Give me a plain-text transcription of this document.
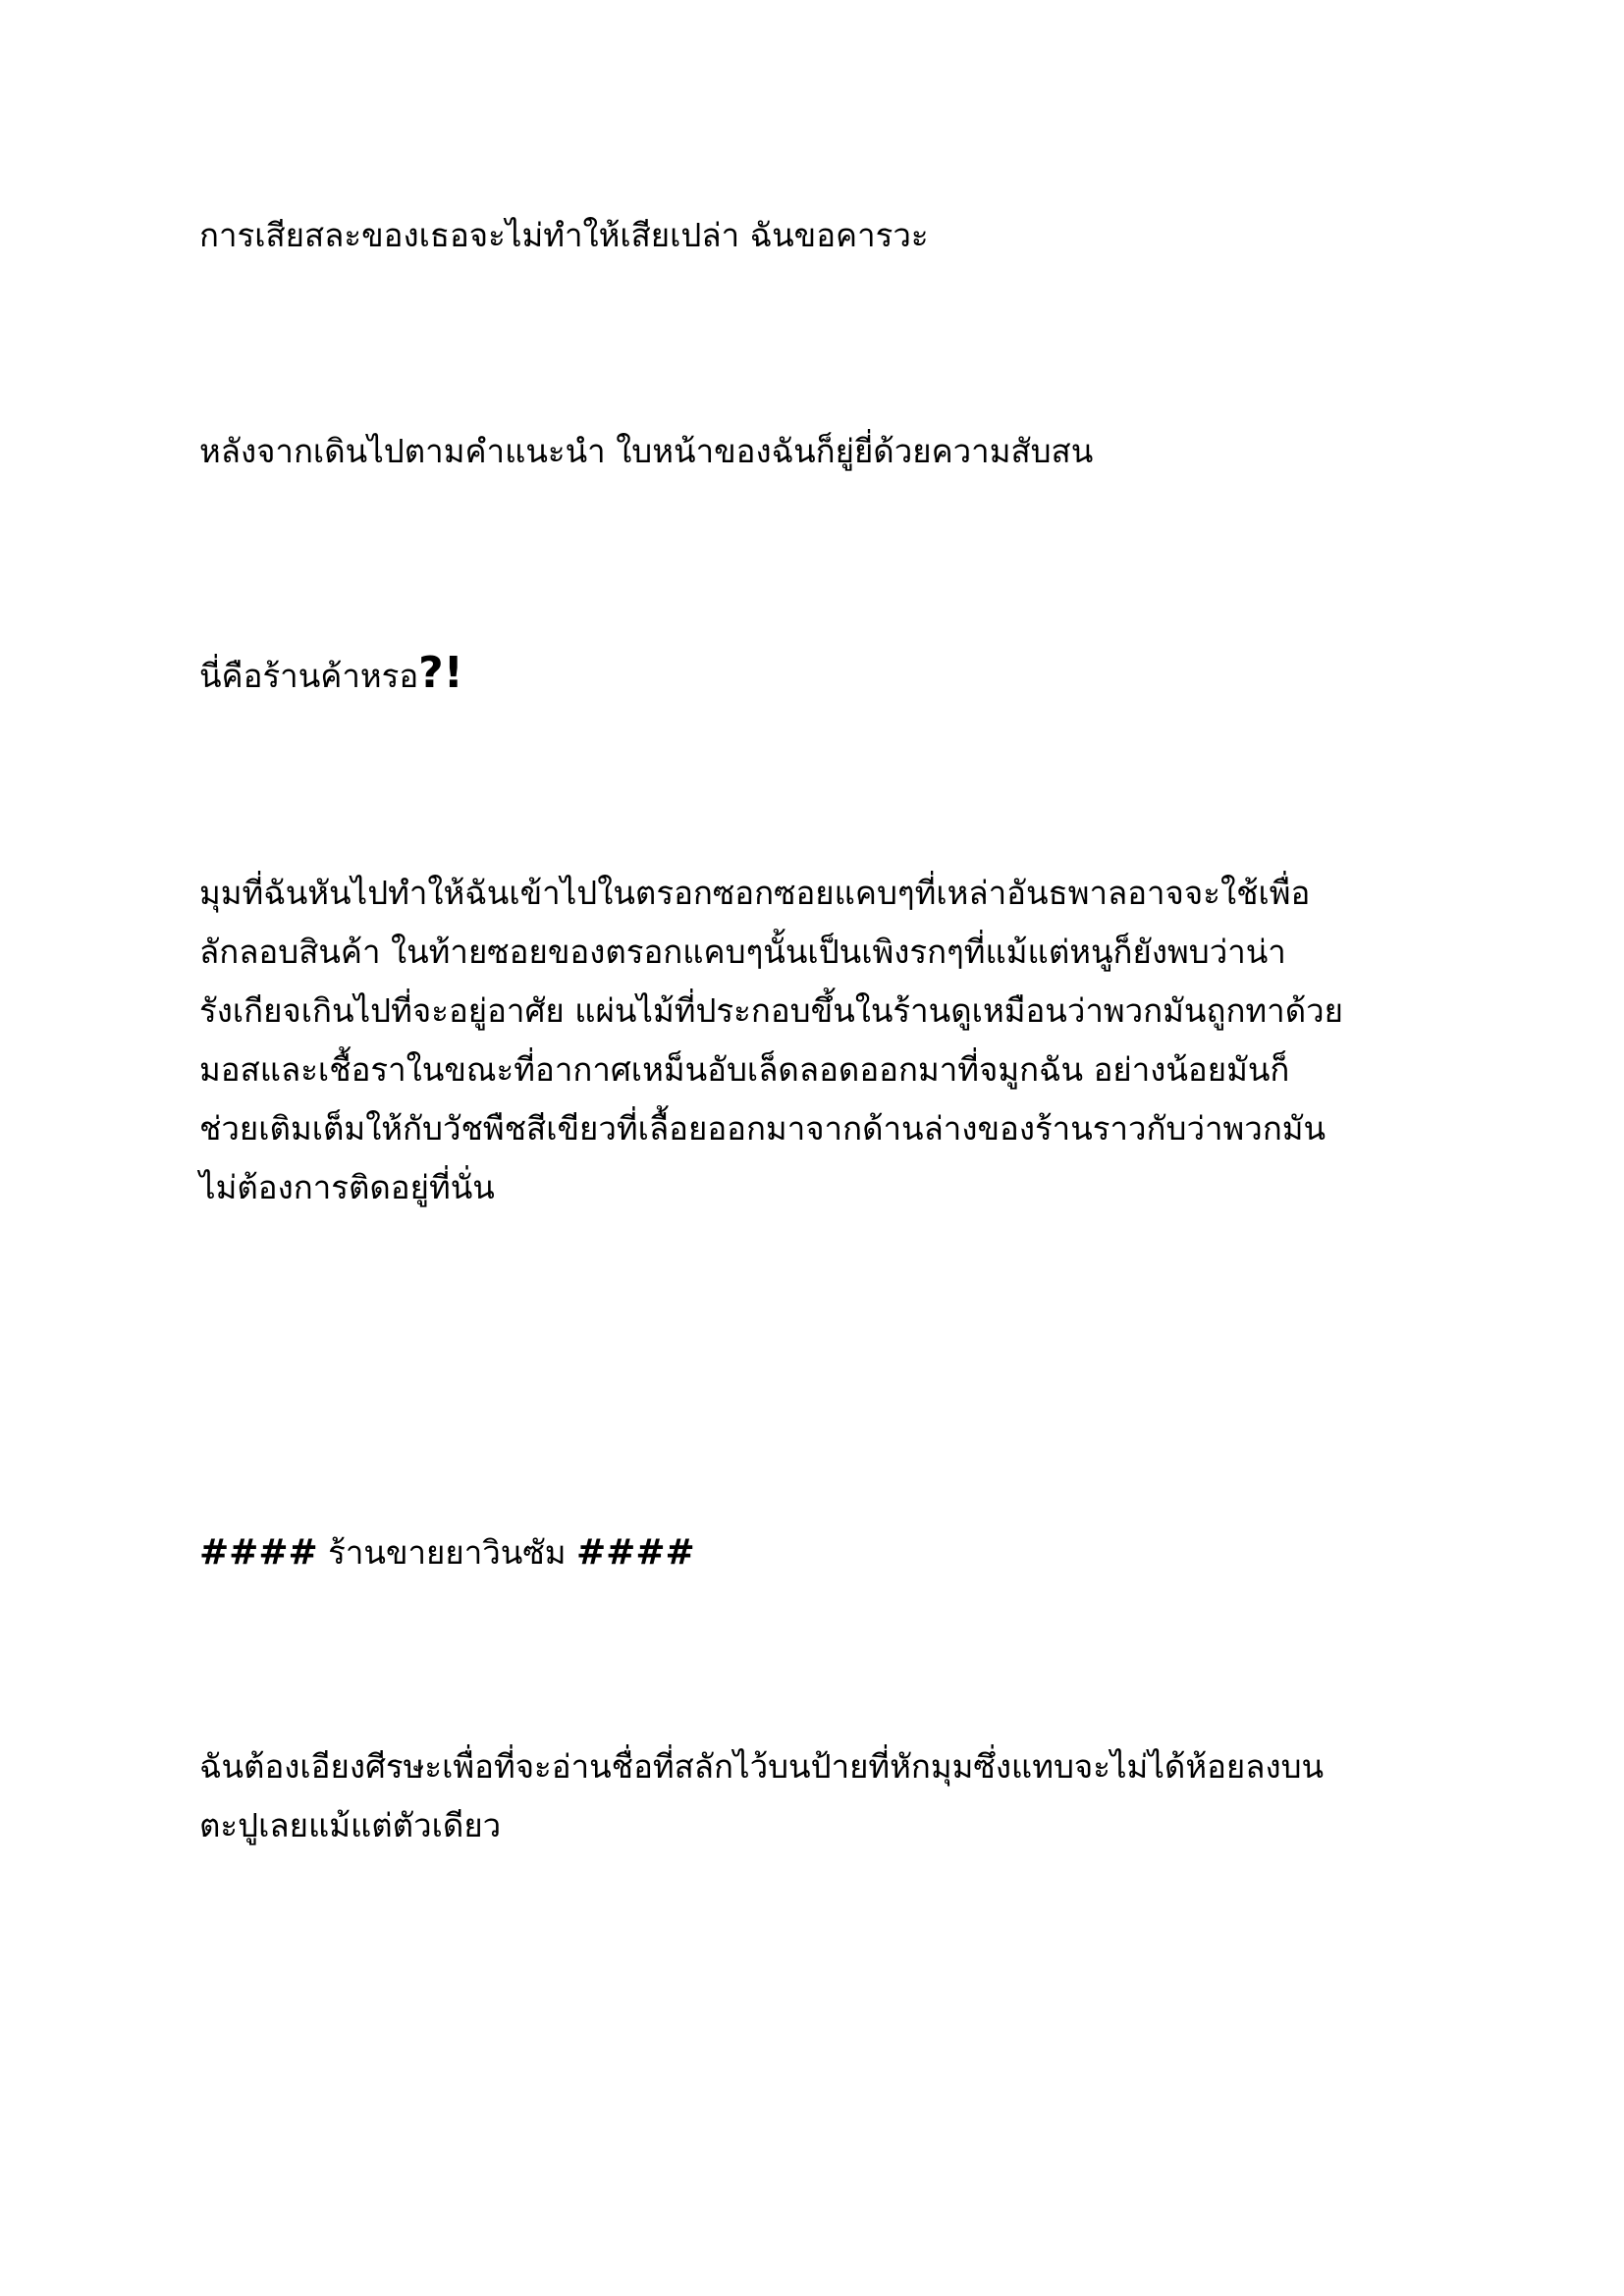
การเสียสละของเธอจะไม่ทำให้เสียเปล่า ฉันขอคารวะ

หลังจากเดินไปตามคำแนะนำ ใบหน้าของฉันก็ยู่ยี่ด้วยความสับสน

นี่คือร้านค้าหรอ?!

มุมที่ฉันหันไปทำให้ฉันเข้าไปในตรอกซอกซอยแคบๆที่เหล่าอันธพาลอาจจะใช้เพื่อ
ลักลอบสินค้า ในท้ายซอยของตรอกแคบๆนั้นเป็นเพิงรกๆที่แม้แต่หนูก็ยังพบว่าน่า
รังเกียจเกินไปที่จะอยู่อาศัย แผ่นไม้ที่ประกอบขึ้นในร้านดูเหมือนว่าพวกมันถูกทาด้วย
มอสและเชื้อราในขณะที่อากาศเหม็นอับเล็ดลอดออกมาที่จมูกฉัน อย่างน้อยมันก็
ช่วยเติมเต็มให้กับวัชพืชสีเขียวที่เลื้อยออกมาจากด้านล่างของร้านราวกับว่าพวกมัน
ไม่ต้องการติดอยู่ที่นั่น

#### ร้านขายยาวินซัม ####

ฉันต้องเอียงศีรษะเพื่อที่จะอ่านชื่อที่สลักไว้บนป้ายที่หักมุมซึ่งแทบจะไม่ได้ห้อยลงบน
ตะปูเลยแม้แต่ตัวเดียว
